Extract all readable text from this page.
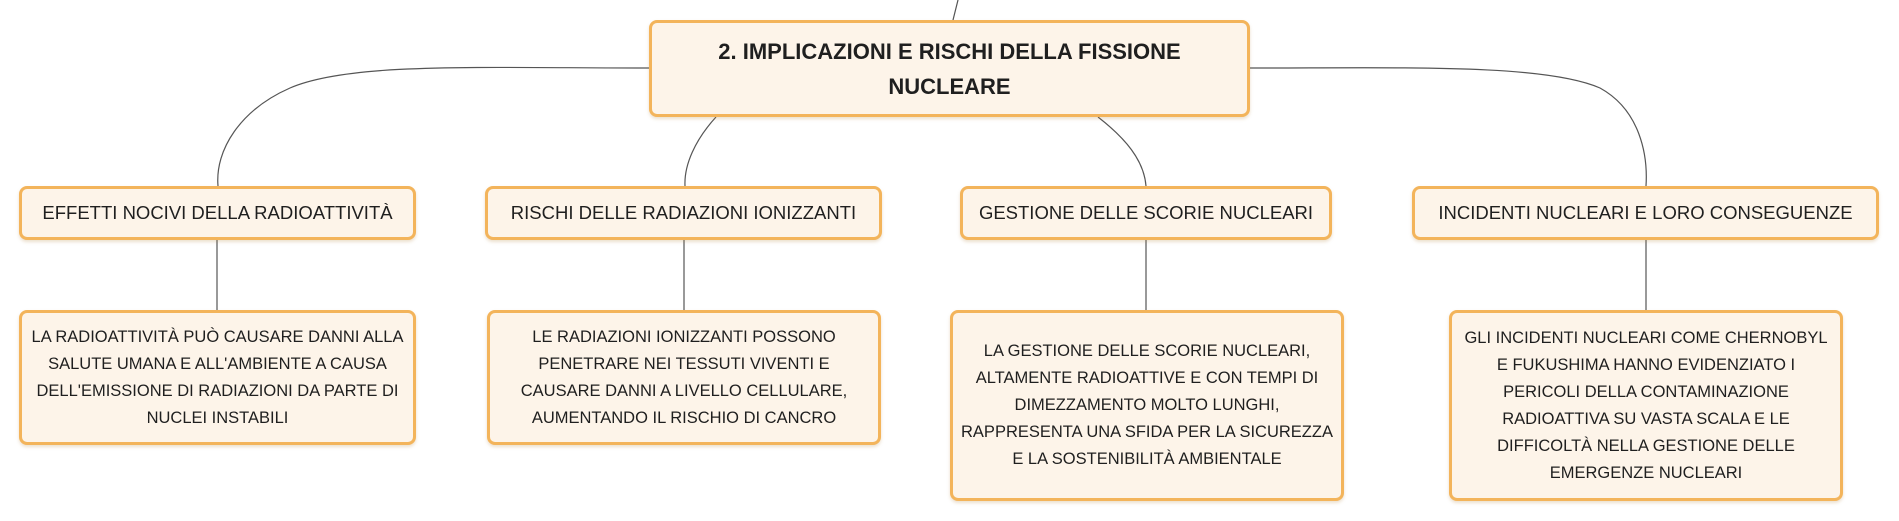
2. IMPLICAZIONI E RISCHI DELLA FISSIONE NUCLEARE
EFFETTI NOCIVI DELLA RADIOATTIVITÀ	RISCHI DELLE RADIAZIONI IONIZZANTI	GESTIONE DELLE SCORIE NUCLEARI	INCIDENTI NUCLEARI E LORO CONSEGUENZE
LA RADIOATTIVITÀ PUÒ CAUSARE DANNI ALLA SALUTE UMANA E ALL'AMBIENTE A CAUSA DELL'EMISSIONE DI RADIAZIONI DA PARTE DI NUCLEI INSTABILI
LE RADIAZIONI IONIZZANTI POSSONO PENETRARE NEI TESSUTI VIVENTI E CAUSARE DANNI A LIVELLO CELLULARE, AUMENTANDO IL RISCHIO DI CANCRO
LA GESTIONE DELLE SCORIE NUCLEARI, ALTAMENTE RADIOATTIVE E CON TEMPI DI DIMEZZAMENTO MOLTO LUNGHI, RAPPRESENTA UNA SFIDA PER LA SICUREZZA E LA SOSTENIBILITÀ AMBIENTALE
GLI INCIDENTI NUCLEARI COME CHERNOBYL E FUKUSHIMA HANNO EVIDENZIATO I PERICOLI DELLA CONTAMINAZIONE RADIOATTIVA SU VASTA SCALA E LE DIFFICOLTÀ NELLA GESTIONE DELLE EMERGENZE NUCLEARI
